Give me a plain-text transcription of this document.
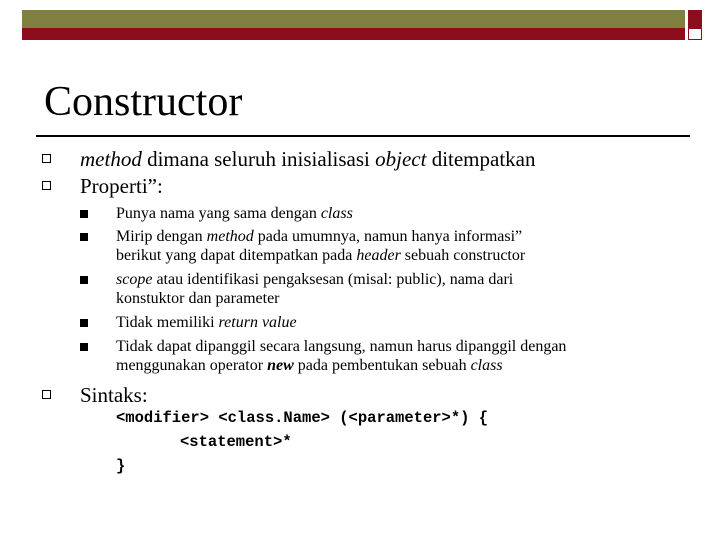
Constructor
method dimana seluruh inisialisasi object ditempatkan
Properti”:
Punya nama yang sama dengan class
Mirip dengan method pada umumnya, namun hanya informasi”
berikut yang dapat ditempatkan pada header sebuah constructor
scope atau identifikasi pengaksesan (misal: public), nama dari
konstuktor dan parameter
Tidak memiliki return value
Tidak dapat dipanggil secara langsung, namun harus dipanggil dengan
menggunakan operator new pada pembentukan sebuah class
Sintaks:
<modifier> <class.Name> (<parameter>*) {
<statement>*
}
